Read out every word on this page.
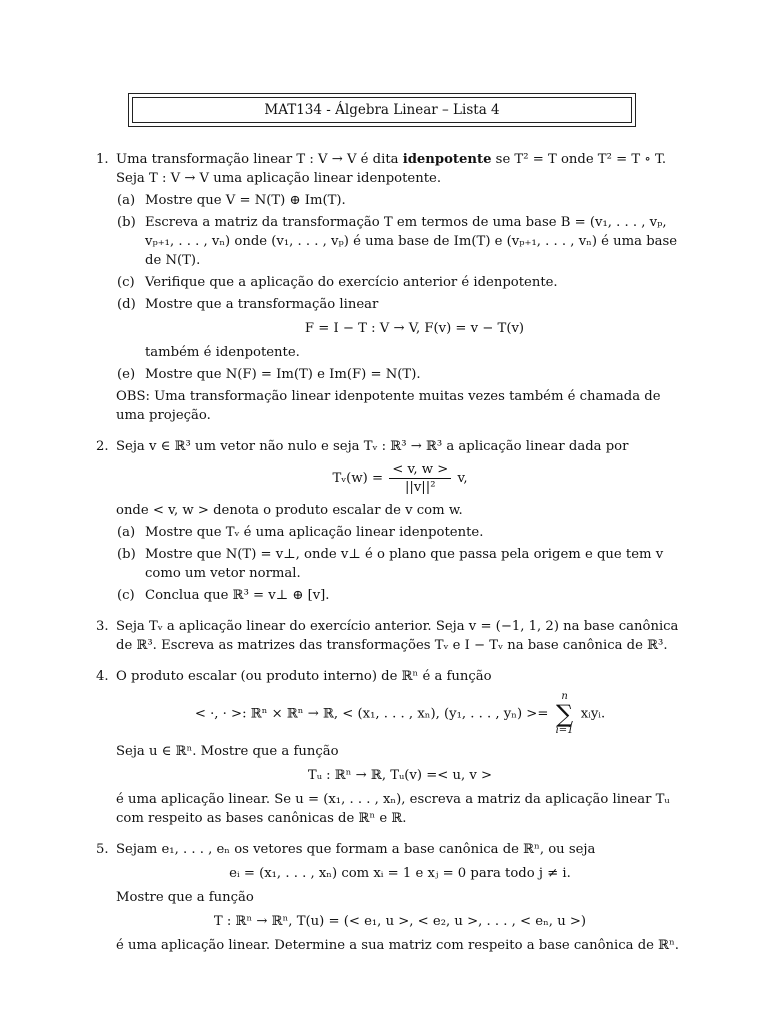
MAT134 - Álgebra Linear – Lista 4
1. Uma transformação linear T : V → V é dita idenpotente se T² = T onde T² = T ∘ T. Seja T : V → V uma aplicação linear idenpotente.
(a) Mostre que V = N(T) ⊕ Im(T).
(b) Escreva a matriz da transformação T em termos de uma base B = (v₁, . . . , vₚ, vₚ₊₁, . . . , vₙ) onde (v₁, . . . , vₚ) é uma base de Im(T) e (vₚ₊₁, . . . , vₙ) é uma base de N(T).
(c) Verifique que a aplicação do exercício anterior é idenpotente.
(d) Mostre que a transformação linear
F = I − T : V → V, F(v) = v − T(v)
também é idenpotente.
(e) Mostre que N(F) = Im(T) e Im(F) = N(T).
OBS: Uma transformação linear idenpotente muitas vezes também é chamada de uma projeção.
2. Seja v ∈ ℝ³ um vetor não nulo e seja Tᵥ : ℝ³ → ℝ³ a aplicação linear dada por
Tᵥ(w) = $\frac{< v, w >}{\text{||v||²}} v$,
onde < v, w > denota o produto escalar de v com w.
(a) Mostre que Tᵥ é uma aplicação linear idenpotente.
(b) Mostre que N(T) = v⊥, onde v⊥ é o plano que passa pela origem e que tem v como um vetor normal.
(c) Conclua que ℝ³ = v⊥ ⊕ [v].
3. Seja Tᵥ a aplicação linear do exercício anterior. Seja v = (−1, 1, 2) na base canônica de ℝ³. Escreva as matrizes das transformações Tᵥ e I − Tᵥ na base canônica de ℝ³.
4. O produto escalar (ou produto interno) de ℝⁿ é a função
< ·, · >: ℝⁿ × ℝⁿ → ℝ, < (x₁, . . . , xₙ), (y₁, . . . , yₙ) >=
n
∑
i=1
xᵢyᵢ.
Seja u ∈ ℝⁿ. Mostre que a função
Tᵤ : ℝⁿ → ℝ, Tᵤ(v) =< u, v >
é uma aplicação linear. Se u = (x₁, . . . , xₙ), escreva a matriz da aplicação linear Tᵤ com respeito as bases canônicas de ℝⁿ e ℝ.
5. Sejam e₁, . . . , eₙ os vetores que formam a base canônica de ℝⁿ, ou seja
eᵢ = (x₁, . . . , xₙ) com xᵢ = 1 e xⱼ = 0 para todo j ≠ i.
Mostre que a função
T : ℝⁿ → ℝⁿ, T(u) = (< e₁, u >, < e₂, u >, . . . , < eₙ, u >)
é uma aplicação linear. Determine a sua matriz com respeito a base canônica de ℝⁿ.
